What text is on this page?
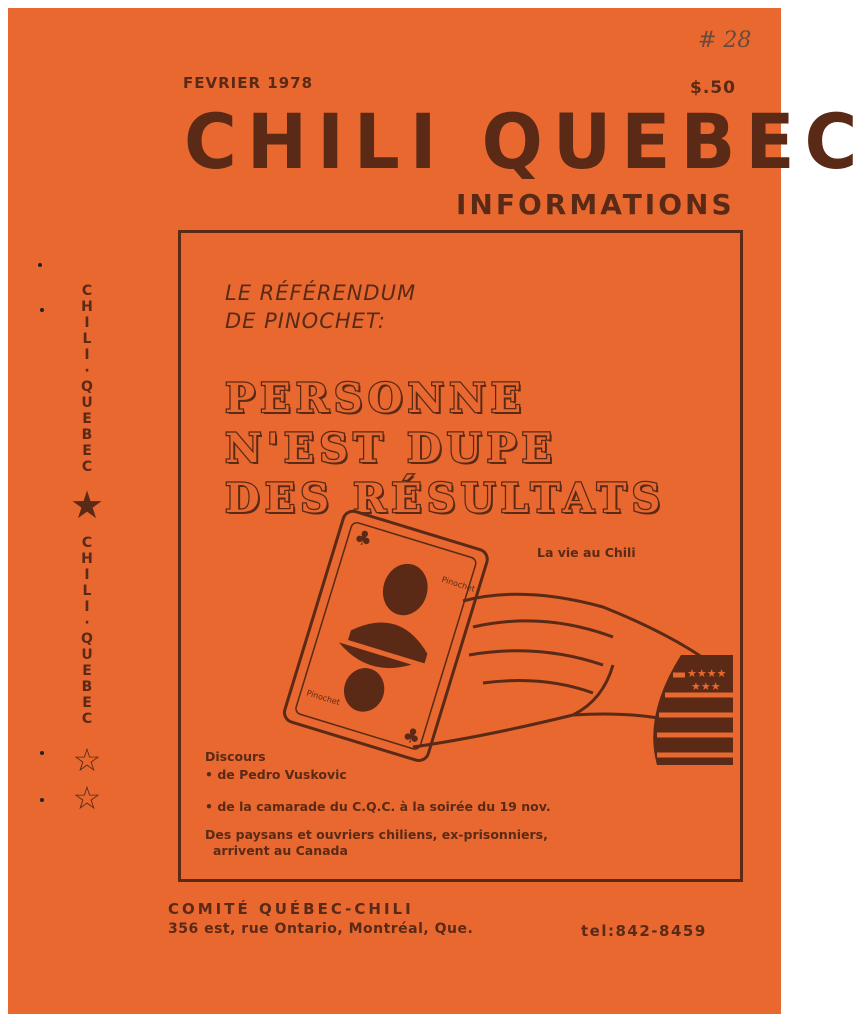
# 28
FEVRIER 1978	$.50
CHILI QUEBEC
INFORMATIONS
C
H
I
L
I
·
Q
U
E
B
E
C
★
C
H
I
L
I
·
Q
U
E
B
E
C
☆
☆
LE RÉFÉRENDUM
DE PINOCHET:
PERSONNE
N'EST DUPE
DES RÉSULTATS
La vie au Chili
♣
♣
Pinochet
Pinochet
★★★★
★★★
Discours
• de Pedro Vuskovic
• de la camarade du C.Q.C. à la soirée du 19 nov.
Des paysans et ouvriers chiliens, ex-prisonniers,
arrivent au Canada
COMITÉ QUÉBEC-CHILI
356 est, rue Ontario, Montréal, Que.	tel:842-8459
